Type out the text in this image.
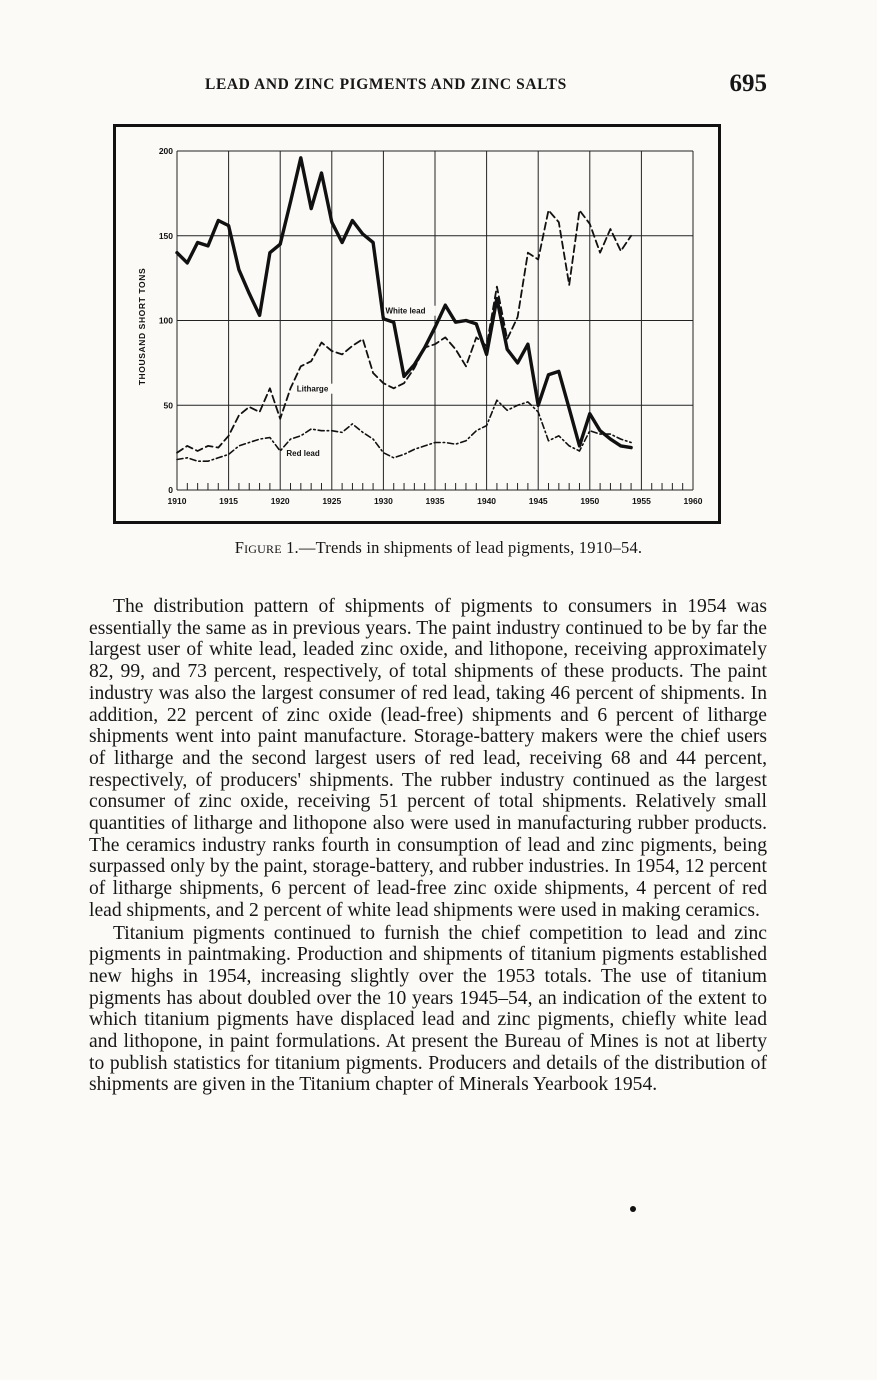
LEAD AND ZINC PIGMENTS AND ZINC SALTS	695
1910	1915	1920	1925	1930	1935	1940	1945	1950	1955	1960
0
50
100
150
200
THOUSAND SHORT TONS	White lead
Litharge
Red lead
Figure 1.—Trends in shipments of lead pigments, 1910–54.

The distribution pattern of shipments of pigments to consumers in 1954 was essentially the same as in previous years. The paint industry continued to be by far the largest user of white lead, leaded zinc oxide, and lithopone, receiving approximately 82, 99, and 73 percent, respectively, of total shipments of these products. The paint industry was also the largest consumer of red lead, taking 46 percent of shipments. In addition, 22 percent of zinc oxide (lead-free) shipments and 6 percent of litharge shipments went into paint manufacture. Storage-battery makers were the chief users of litharge and the second largest users of red lead, receiving 68 and 44 percent, respectively, of producers' shipments. The rubber industry continued as the largest consumer of zinc oxide, receiving 51 percent of total shipments. Relatively small quantities of litharge and lithopone also were used in manufacturing rubber products. The ceramics industry ranks fourth in consumption of lead and zinc pigments, being surpassed only by the paint, storage-battery, and rubber industries. In 1954, 12 percent of litharge shipments, 6 percent of lead-free zinc oxide shipments, 4 percent of red lead shipments, and 2 percent of white lead shipments were used in making ceramics.

Titanium pigments continued to furnish the chief competition to lead and zinc pigments in paintmaking. Production and shipments of titanium pigments established new highs in 1954, increasing slightly over the 1953 totals. The use of titanium pigments has about doubled over the 10 years 1945–54, an indication of the extent to which titanium pigments have displaced lead and zinc pigments, chiefly white lead and lithopone, in paint formulations. At present the Bureau of Mines is not at liberty to publish statistics for titanium pigments. Producers and details of the distribution of shipments are given in the Titanium chapter of Minerals Yearbook 1954.
